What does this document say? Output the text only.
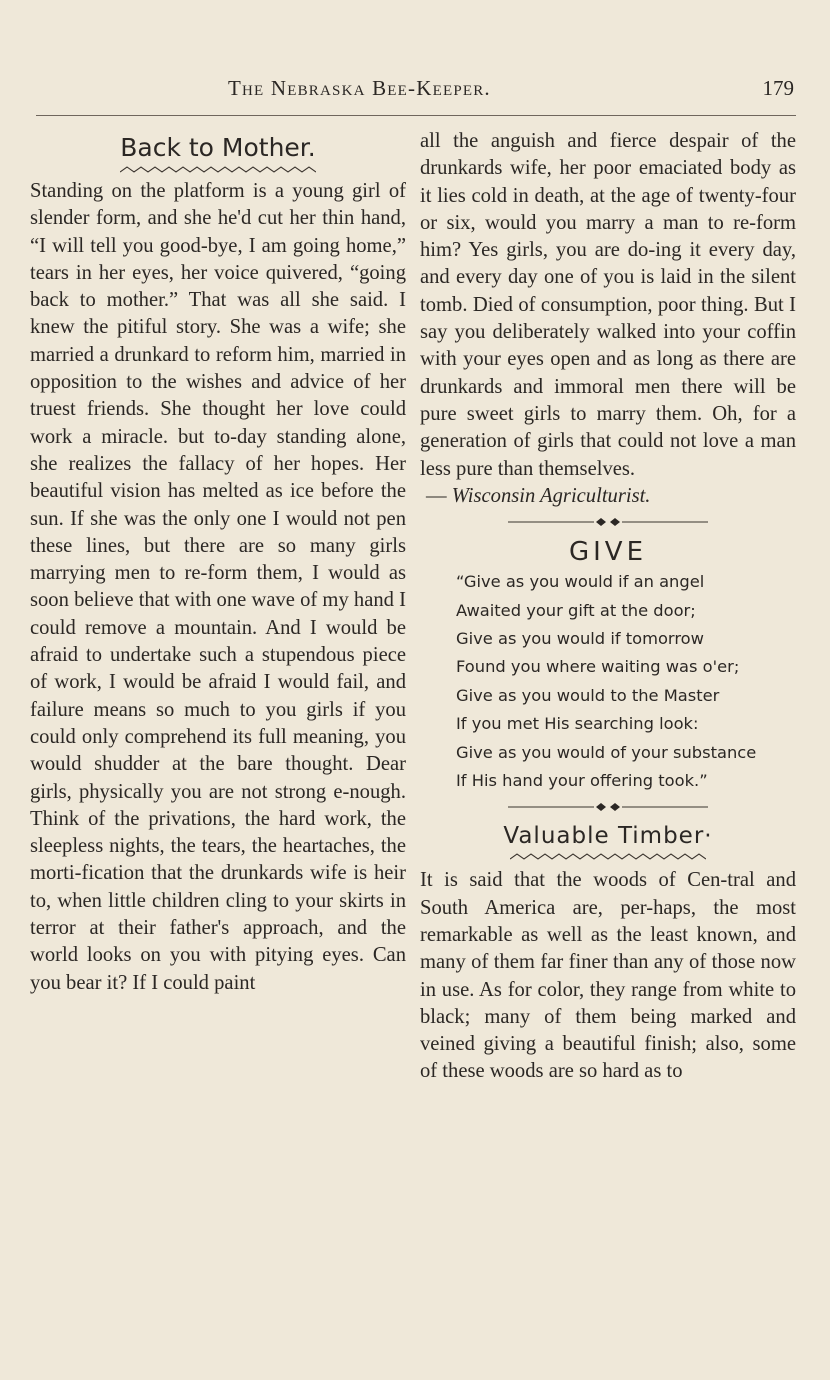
The Nebraska Bee-Keeper.	179
Back to Mother.

Standing on the platform is a young girl of slender form, and she he'd cut her thin hand, “I will tell you good-bye, I am going home,” tears in her eyes, her voice quivered, “going back to mother.” That was all she said. I knew the pitiful story. She was a wife; she married a drunkard to reform him, married in opposition to the wishes and advice of her truest friends. She thought her love could work a miracle. but to-day standing alone, she realizes the fallacy of her hopes. Her beautiful vision has melted as ice before the sun. If she was the only one I would not pen these lines, but there are so many girls marrying men to re-form them, I would as soon believe that with one wave of my hand I could remove a mountain. And I would be afraid to undertake such a stupendous piece of work, I would be afraid I would fail, and failure means so much to you girls if you could only comprehend its full meaning, you would shudder at the bare thought. Dear girls, physically you are not strong e-nough. Think of the privations, the hard work, the sleepless nights, the tears, the heartaches, the morti-fication that the drunkards wife is heir to, when little children cling to your skirts in terror at their father's approach, and the world looks on you with pitying eyes. Can you bear it? If I could paint

all the anguish and fierce despair of the drunkards wife, her poor emaciated body as it lies cold in death, at the age of twenty-four or six, would you marry a man to re-form him? Yes girls, you are do-ing it every day, and every day one of you is laid in the silent tomb. Died of consumption, poor thing. But I say you deliberately walked into your coffin with your eyes open and as long as there are drunkards and immoral men there will be pure sweet girls to marry them. Oh, for a generation of girls that could not love a man less pure than themselves.

— Wisconsin Agriculturist.

GIVE
“Give as you would if an angel
Awaited your gift at the door;
Give as you would if tomorrow
Found you where waiting was o'er;
Give as you would to the Master
If you met His searching look:
Give as you would of your substance
If His hand your offering took.”
Valuable Timber·

It is said that the woods of Cen-tral and South America are, per-haps, the most remarkable as well as the least known, and many of them far finer than any of those now in use. As for color, they range from white to black; many of them being marked and veined giving a beautiful finish; also, some of these woods are so hard as to
